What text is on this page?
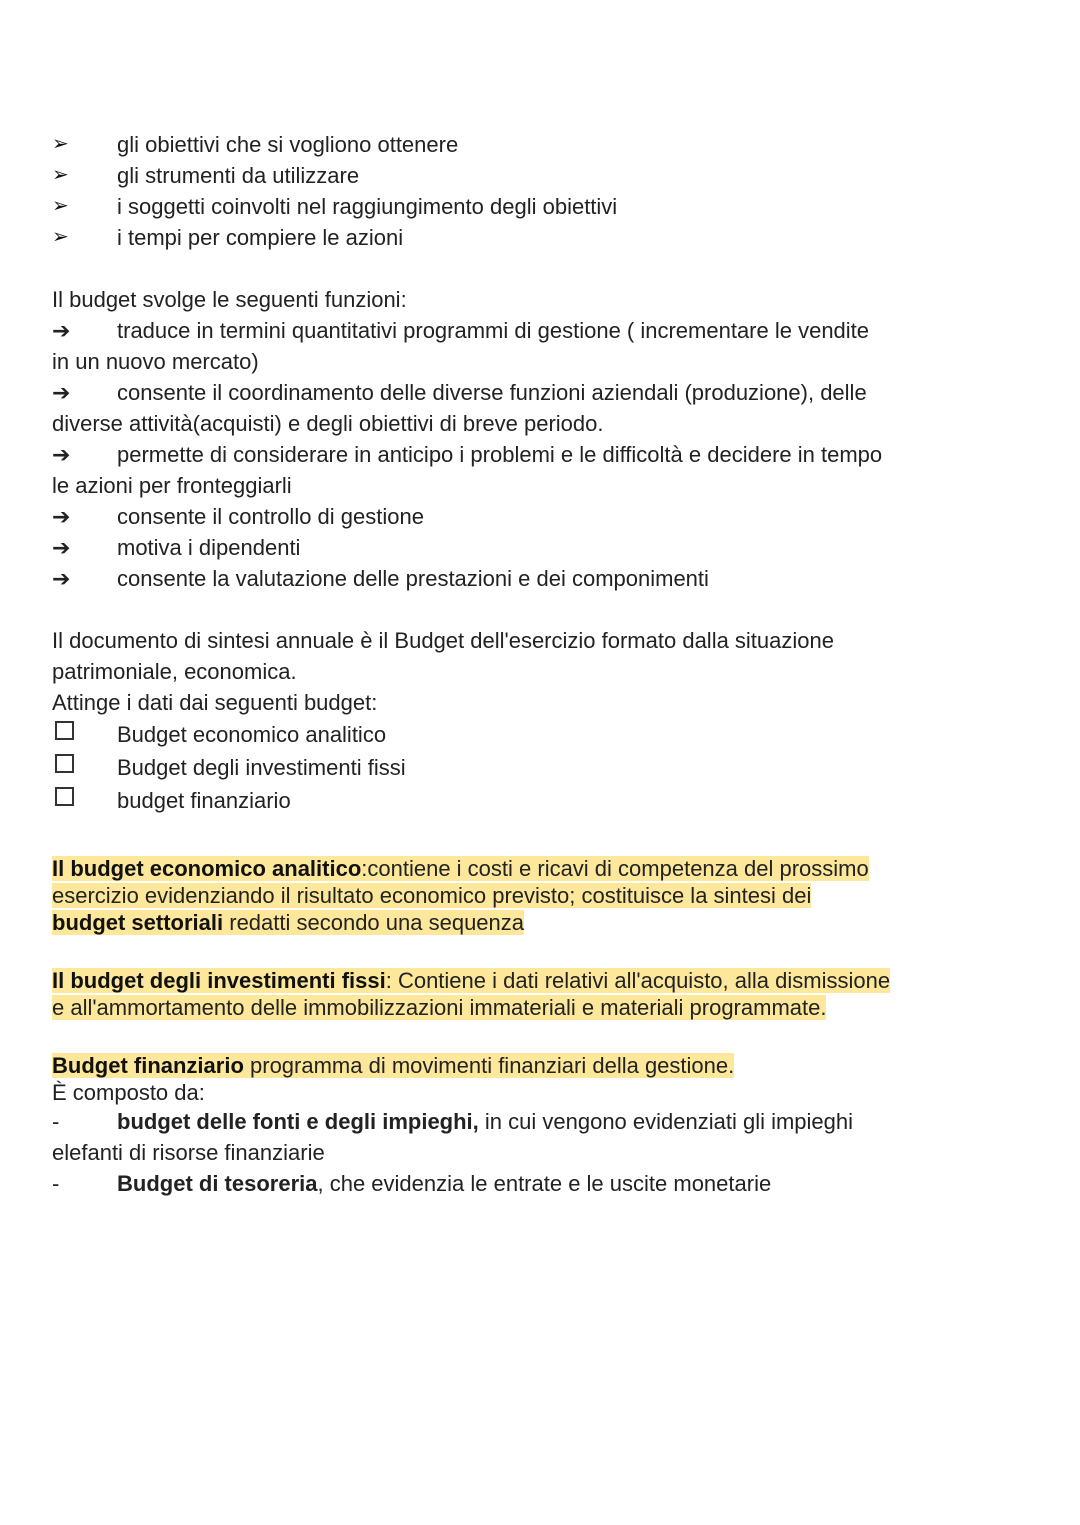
➢	gli obiettivi che si vogliono ottenere
➢	gli strumenti da utilizzare
➢	i soggetti coinvolti nel raggiungimento degli obiettivi
➢	i tempi per compiere le azioni
Il budget svolge le seguenti funzioni:
➔ traduce in termini quantitativi programmi di gestione ( incrementare le vendite
in un nuovo mercato)
➔ consente il coordinamento delle diverse funzioni aziendali (produzione), delle
diverse attività(acquisti) e degli obiettivi di breve periodo.
➔ permette di considerare in anticipo i problemi e le difficoltà e decidere in tempo
le azioni per fronteggiarli
➔ consente il controllo di gestione
➔ motiva i dipendenti
➔ consente la valutazione delle prestazioni e dei componimenti
Il documento di sintesi annuale è il Budget dell'esercizio formato dalla situazione
patrimoniale, economica.
Attinge i dati dai seguenti budget:
Budget economico analitico
Budget degli investimenti fissi
budget finanziario
Il budget economico analitico:contiene i costi e ricavi di competenza del prossimo
esercizio evidenziando il risultato economico previsto; costituisce la sintesi dei
budget settoriali redatti secondo una sequenza
Il budget degli investimenti fissi: Contiene i dati relativi all'acquisto, alla dismissione
e all'ammortamento delle immobilizzazioni immateriali e materiali programmate.
Budget finanziario programma di movimenti finanziari della gestione.
È composto da:
-	budget delle fonti e degli impieghi, in cui vengono evidenziati gli impieghi
elefanti di risorse finanziarie
-	Budget di tesoreria, che evidenzia le entrate e le uscite monetarie
